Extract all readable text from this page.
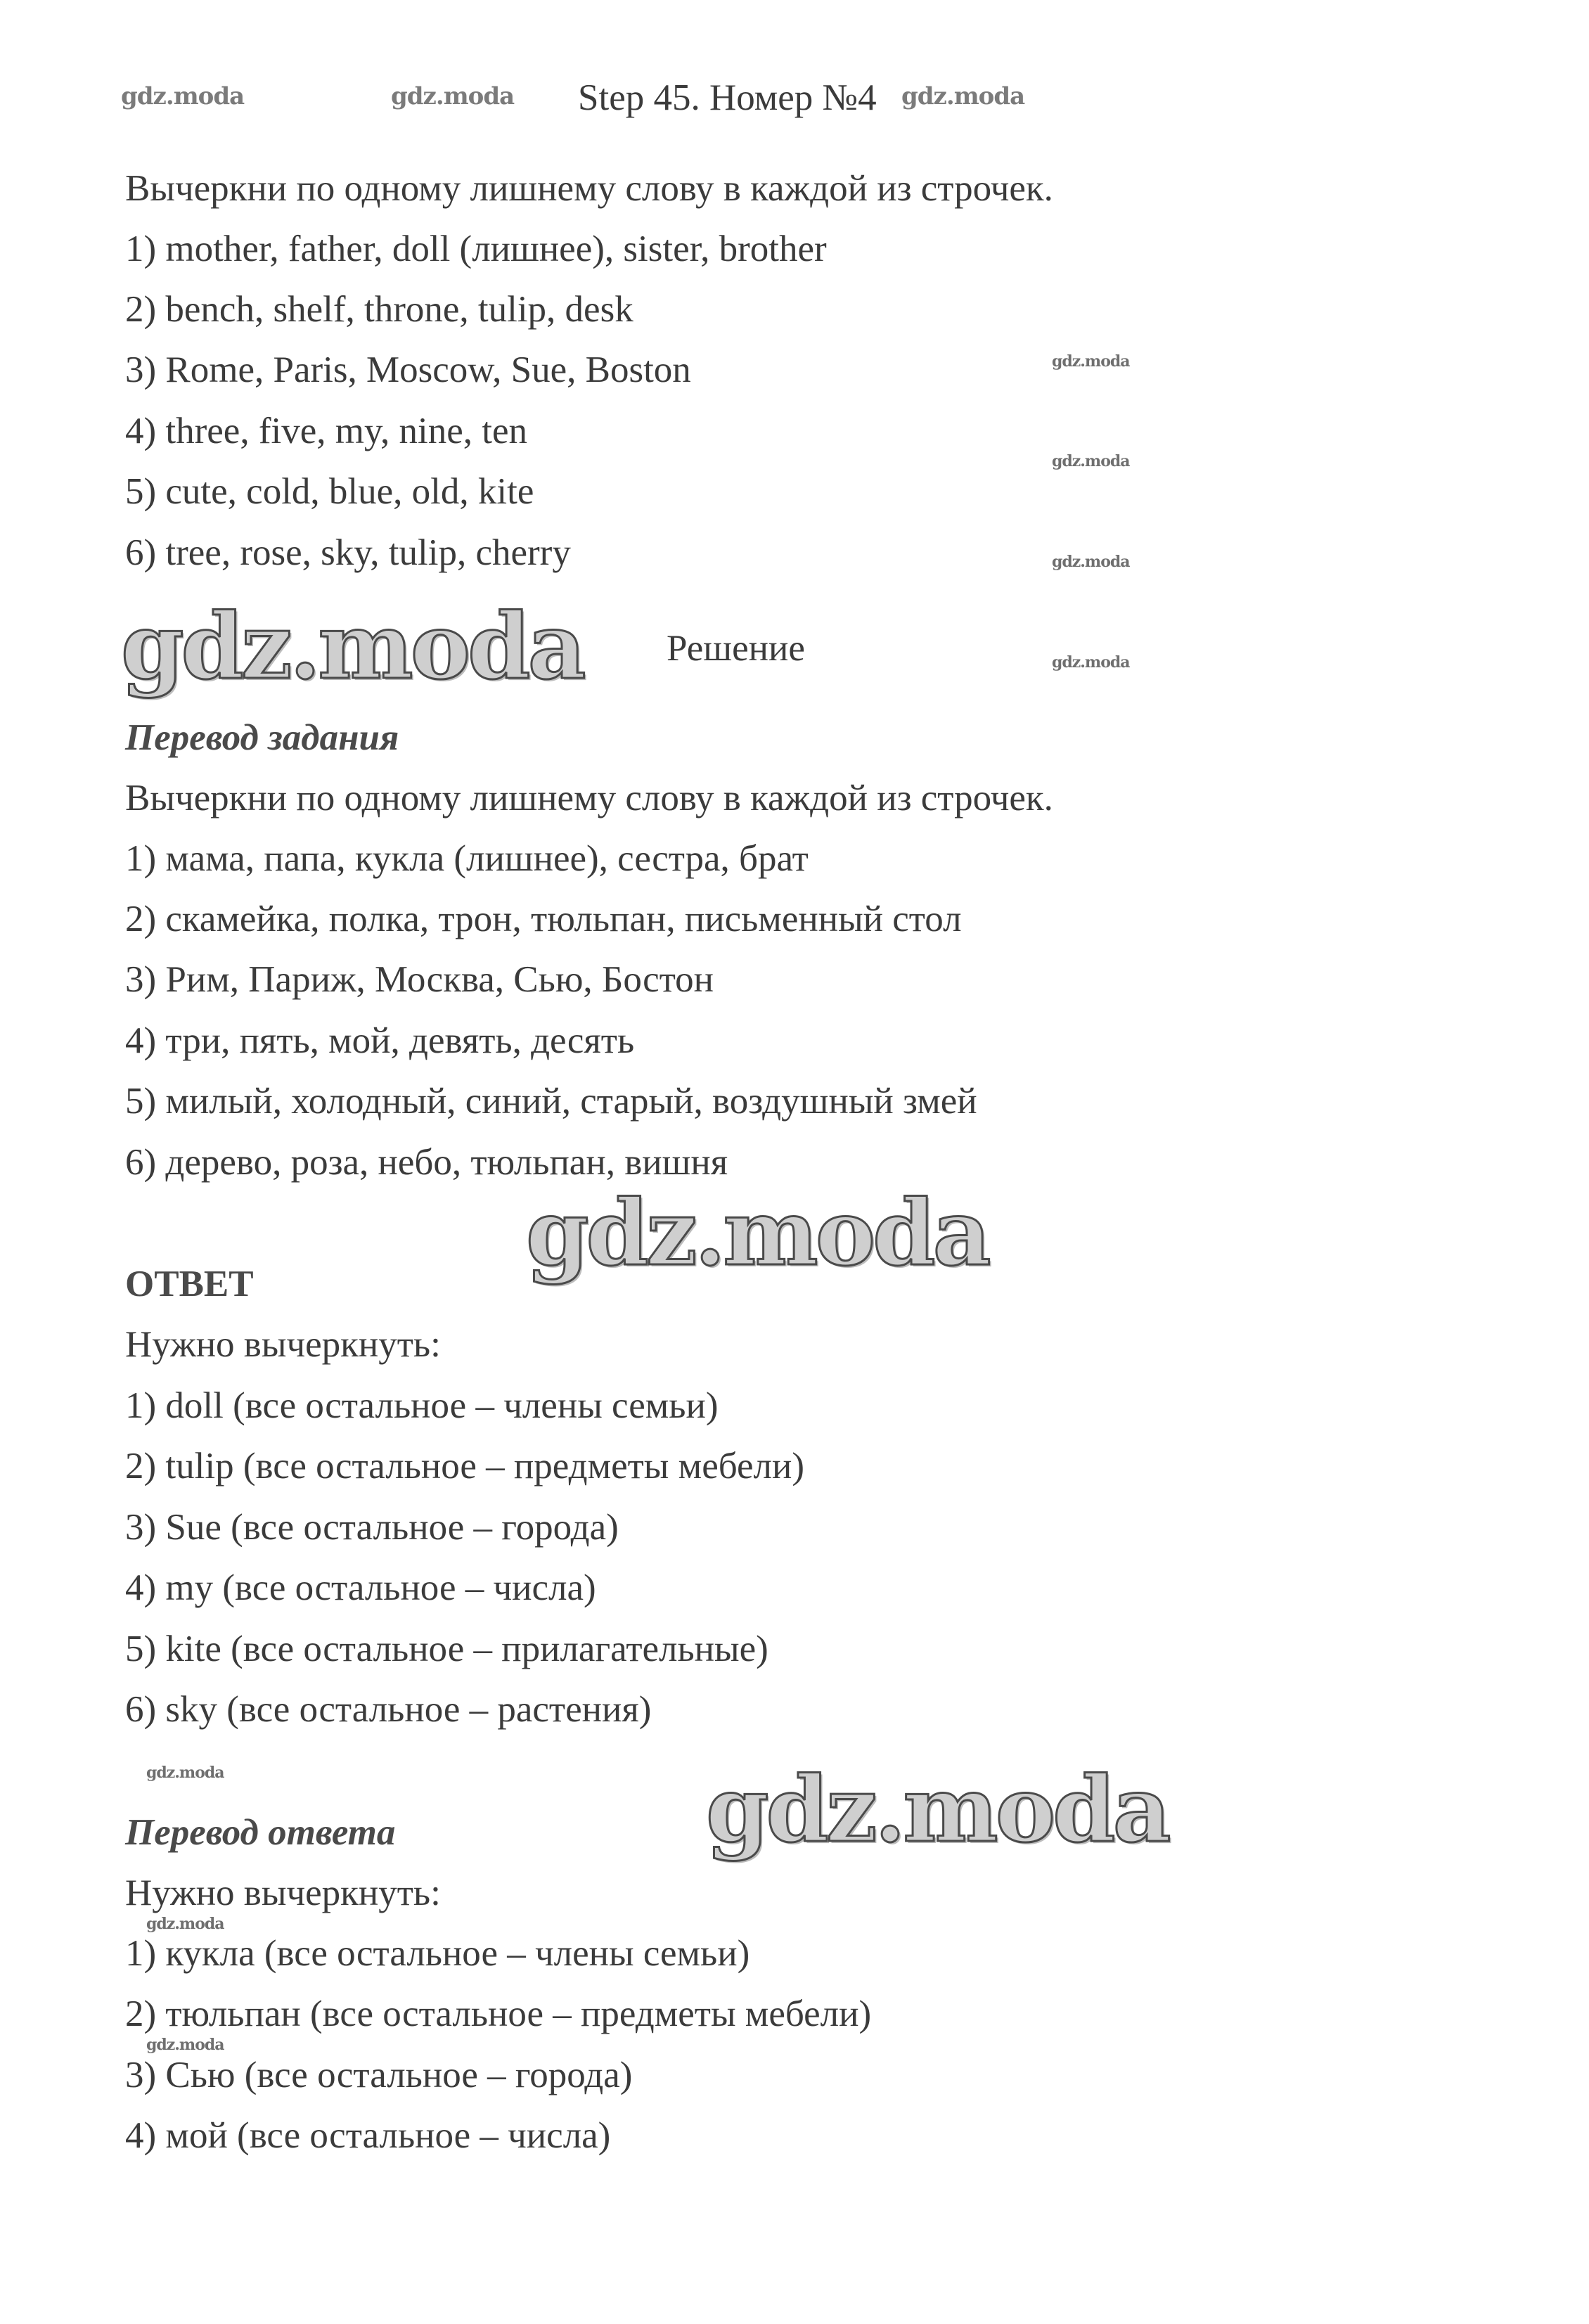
gdz.moda	gdz.moda Step 45. Номер №4 gdz.moda
Вычеркни по одному лишнему слову в каждой из строчек.
1) mother, father, doll (лишнее), sister, brother
2) bench, shelf, throne, tulip, desk
3) Rome, Paris, Moscow, Sue, Boston
4) three, five, my, nine, ten
5) cute, cold, blue, old, kite
6) tree, rose, sky, tulip, cherry
gdz.moda
gdz.moda
gdz.moda
gdz.moda
gdz.moda Решение
Перевод задания
Вычеркни по одному лишнему слову в каждой из строчек.
1) мама, папа, кукла (лишнее), сестра, брат
2) скамейка, полка, трон, тюльпан, письменный стол
3) Рим, Париж, Москва, Сью, Бостон
4) три, пять, мой, девять, десять
5) милый, холодный, синий, старый, воздушный змей
6) дерево, роза, небо, тюльпан, вишня
gdz.moda
ОТВЕТ
Нужно вычеркнуть:
1) doll (все остальное – члены семьи)
2) tulip (все остальное – предметы мебели)
3) Sue (все остальное – города)
4) my (все остальное – числа)
5) kite (все остальное – прилагательные)
6) sky (все остальное – растения)
gdz.moda	gdz.moda
Перевод ответа
Нужно вычеркнуть:
gdz.moda
1) кукла (все остальное – члены семьи)
2) тюльпан (все остальное – предметы мебели)
gdz.moda
3) Сью (все остальное – города)
4) мой (все остальное – числа)
